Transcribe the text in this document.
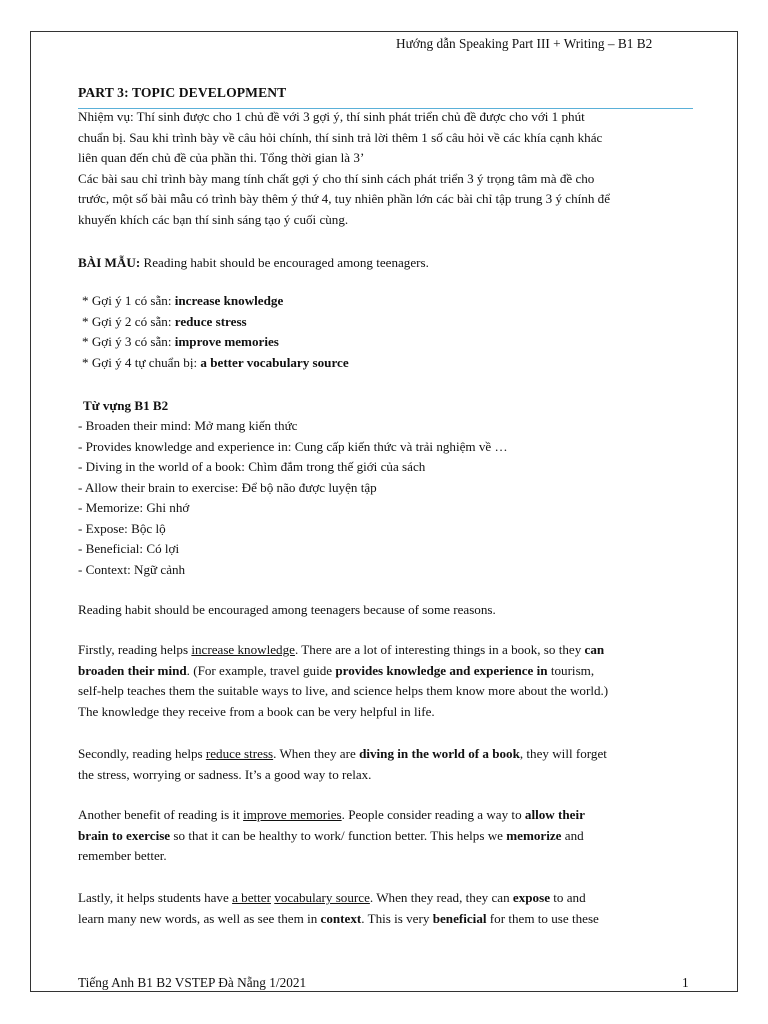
Hướng dẫn Speaking Part III + Writing – B1 B2
PART 3: TOPIC DEVELOPMENT

Nhiệm vụ: Thí sinh được cho 1 chủ đề với 3 gợi ý, thí sinh phát triển chủ đề được cho với 1 phút

chuẩn bị. Sau khi trình bày về câu hỏi chính, thí sinh trả lời thêm 1 số câu hỏi về các khía cạnh khác

liên quan đến chủ đề của phần thi. Tổng thời gian là 3’

Các bài sau chỉ trình bày mang tính chất gợi ý cho thí sinh cách phát triển 3 ý trọng tâm mà đề cho

trước, một số bài mẫu có trình bày thêm ý thứ 4, tuy nhiên phần lớn các bài chỉ tập trung 3 ý chính để

khuyến khích các bạn thí sinh sáng tạo ý cuối cùng.

BÀI MẪU: Reading habit should be encouraged among teenagers.

* Gợi ý 1 có sẵn: increase knowledge

* Gợi ý 2 có sẵn: reduce stress

* Gợi ý 3 có sẵn: improve memories

* Gợi ý 4 tự chuẩn bị: a better vocabulary source

Từ vựng B1 B2

- Broaden their mind: Mở mang kiến thức

- Provides knowledge and experience in: Cung cấp kiến thức và trải nghiệm về …

- Diving in the world of a book: Chìm đắm trong thế giới của sách

- Allow their brain to exercise: Để bộ não được luyện tập

- Memorize: Ghi nhớ

- Expose: Bộc lộ

- Beneficial: Có lợi

- Context: Ngữ cảnh

Reading habit should be encouraged among teenagers because of some reasons.

Firstly, reading helps increase knowledge. There are a lot of interesting things in a book, so they can

broaden their mind. (For example, travel guide provides knowledge and experience in tourism,

self-help teaches them the suitable ways to live, and science helps them know more about the world.)

The knowledge they receive from a book can be very helpful in life.

Secondly, reading helps reduce stress. When they are diving in the world of a book, they will forget

the stress, worrying or sadness. It’s a good way to relax.

Another benefit of reading is it improve memories. People consider reading a way to allow their

brain to exercise so that it can be healthy to work/ function better. This helps we memorize and

remember better.

Lastly, it helps students have a better vocabulary source. When they read, they can expose to and

learn many new words, as well as see them in context. This is very beneficial for them to use these

Tiếng Anh B1 B2 VSTEP Đà Nẵng 1/2021	1
